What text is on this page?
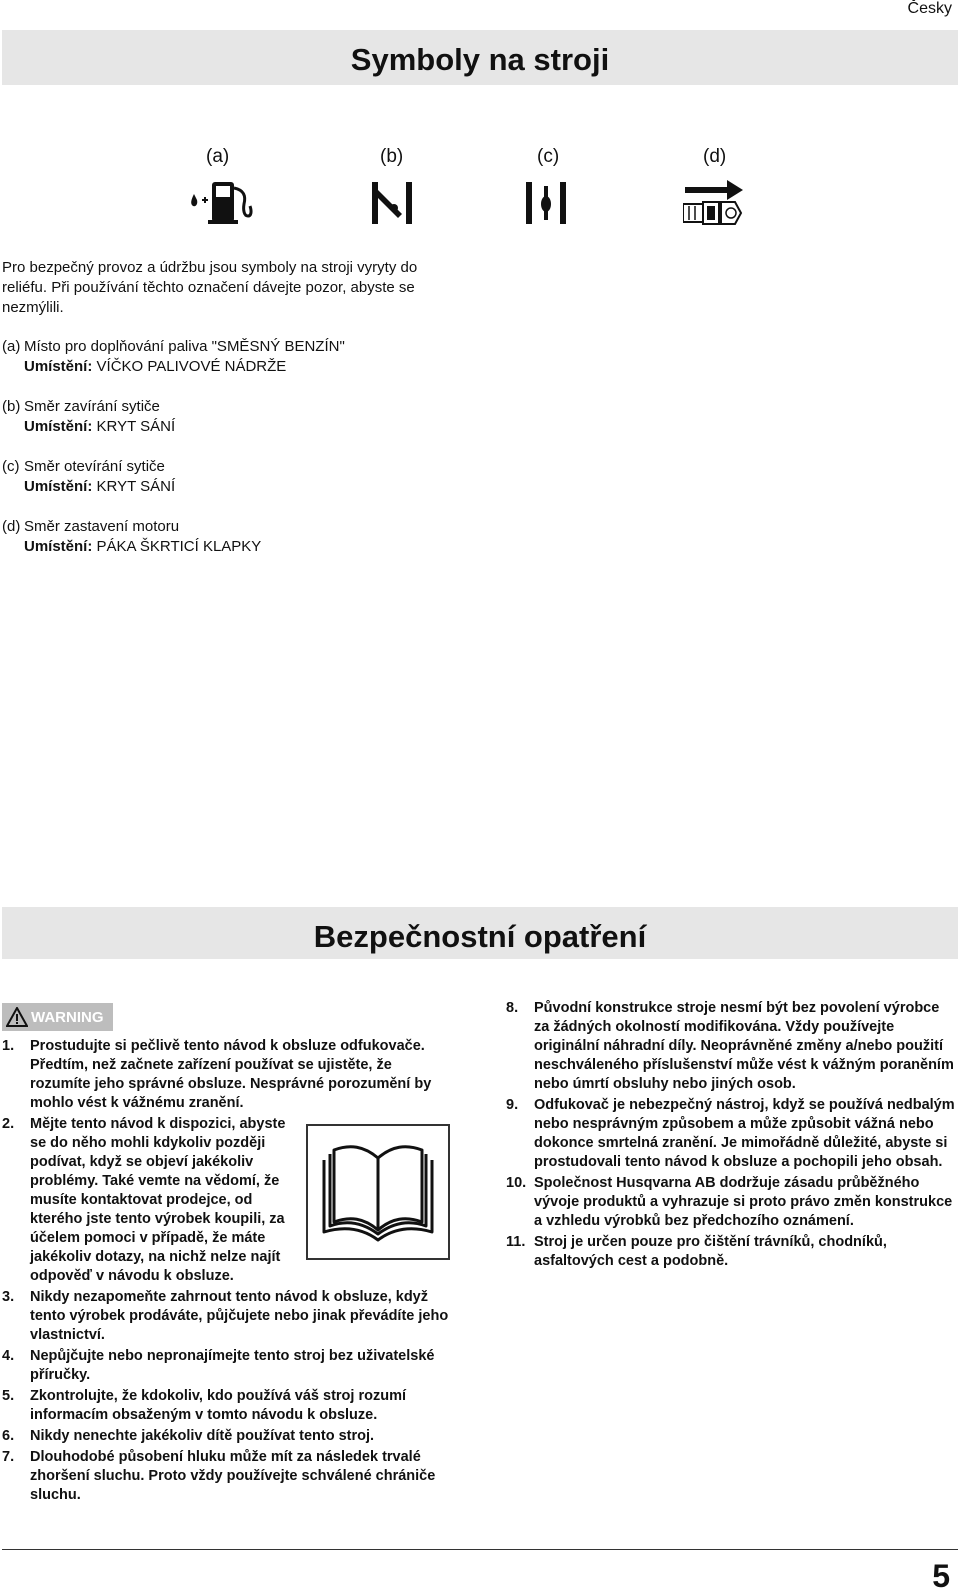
Česky
Symboly na stroji
(a)	(b)	(c)	(d)
Pro bezpečný provoz a údržbu jsou symboly na stroji vyryty do reliéfu. Při používání těchto označení dávejte pozor, abyste se nezmýlili.
(a) Místo pro doplňování paliva "SMĚSNÝ BENZÍN"
Umístění: VÍČKO PALIVOVÉ NÁDRŽE
(b) Směr zavírání sytiče
Umístění: KRYT SÁNÍ
(c) Směr otevírání sytiče
Umístění: KRYT SÁNÍ
(d) Směr zastavení motoru
Umístění: PÁKA ŠKRTICÍ KLAPKY
Bezpečnostní opatření
WARNING
1.	Prostudujte si pečlivě tento návod k obsluze odfukovače. Předtím, než začnete zařízení používat se ujistěte, že rozumíte jeho správné obsluze. Nesprávné porozumění by mohlo vést k vážnému zranění.
2.	Mějte tento návod k dispozici, abyste se do něho mohli kdykoliv později podívat, když se objeví jakékoliv problémy. Také vemte na vědomí, že musíte kontaktovat prodejce, od kterého jste tento výrobek koupili, za účelem pomoci v případě, že máte jakékoliv dotazy, na nichž nelze najít odpověď v návodu k obsluze.
3.	Nikdy nezapomeňte zahrnout tento návod k obsluze, když tento výrobek prodáváte, půjčujete nebo jinak převádíte jeho vlastnictví.
4.	Nepůjčujte nebo nepronajímejte tento stroj bez uživatelské příručky.
5.	Zkontrolujte, že kdokoliv, kdo používá váš stroj rozumí informacím obsaženým v tomto návodu k obsluze.
6.	Nikdy nenechte jakékoliv dítě používat tento stroj.
7.	Dlouhodobé působení hluku může mít za následek trvalé zhoršení sluchu. Proto vždy používejte schválené chrániče sluchu.
8.	Původní konstrukce stroje nesmí být bez povolení výrobce za žádných okolností modifikována. Vždy používejte originální náhradní díly. Neoprávněné změny a/nebo použití neschváleného příslušenství může vést k vážným poraněním nebo úmrtí obsluhy nebo jiných osob.
9.	Odfukovač je nebezpečný nástroj, když se používá nedbalým nebo nesprávným způsobem a může způsobit vážná nebo dokonce smrtelná zranění. Je mimořádně důležité, abyste si prostudovali tento návod k obsluze a pochopili jeho obsah.
10. Společnost Husqvarna AB dodržuje zásadu průběžného vývoje produktů a vyhrazuje si proto právo změn konstrukce a vzhledu výrobků bez předchozího oznámení.
11. Stroj je určen pouze pro čištění trávníků, chodníků, asfaltových cest a podobně.
5
